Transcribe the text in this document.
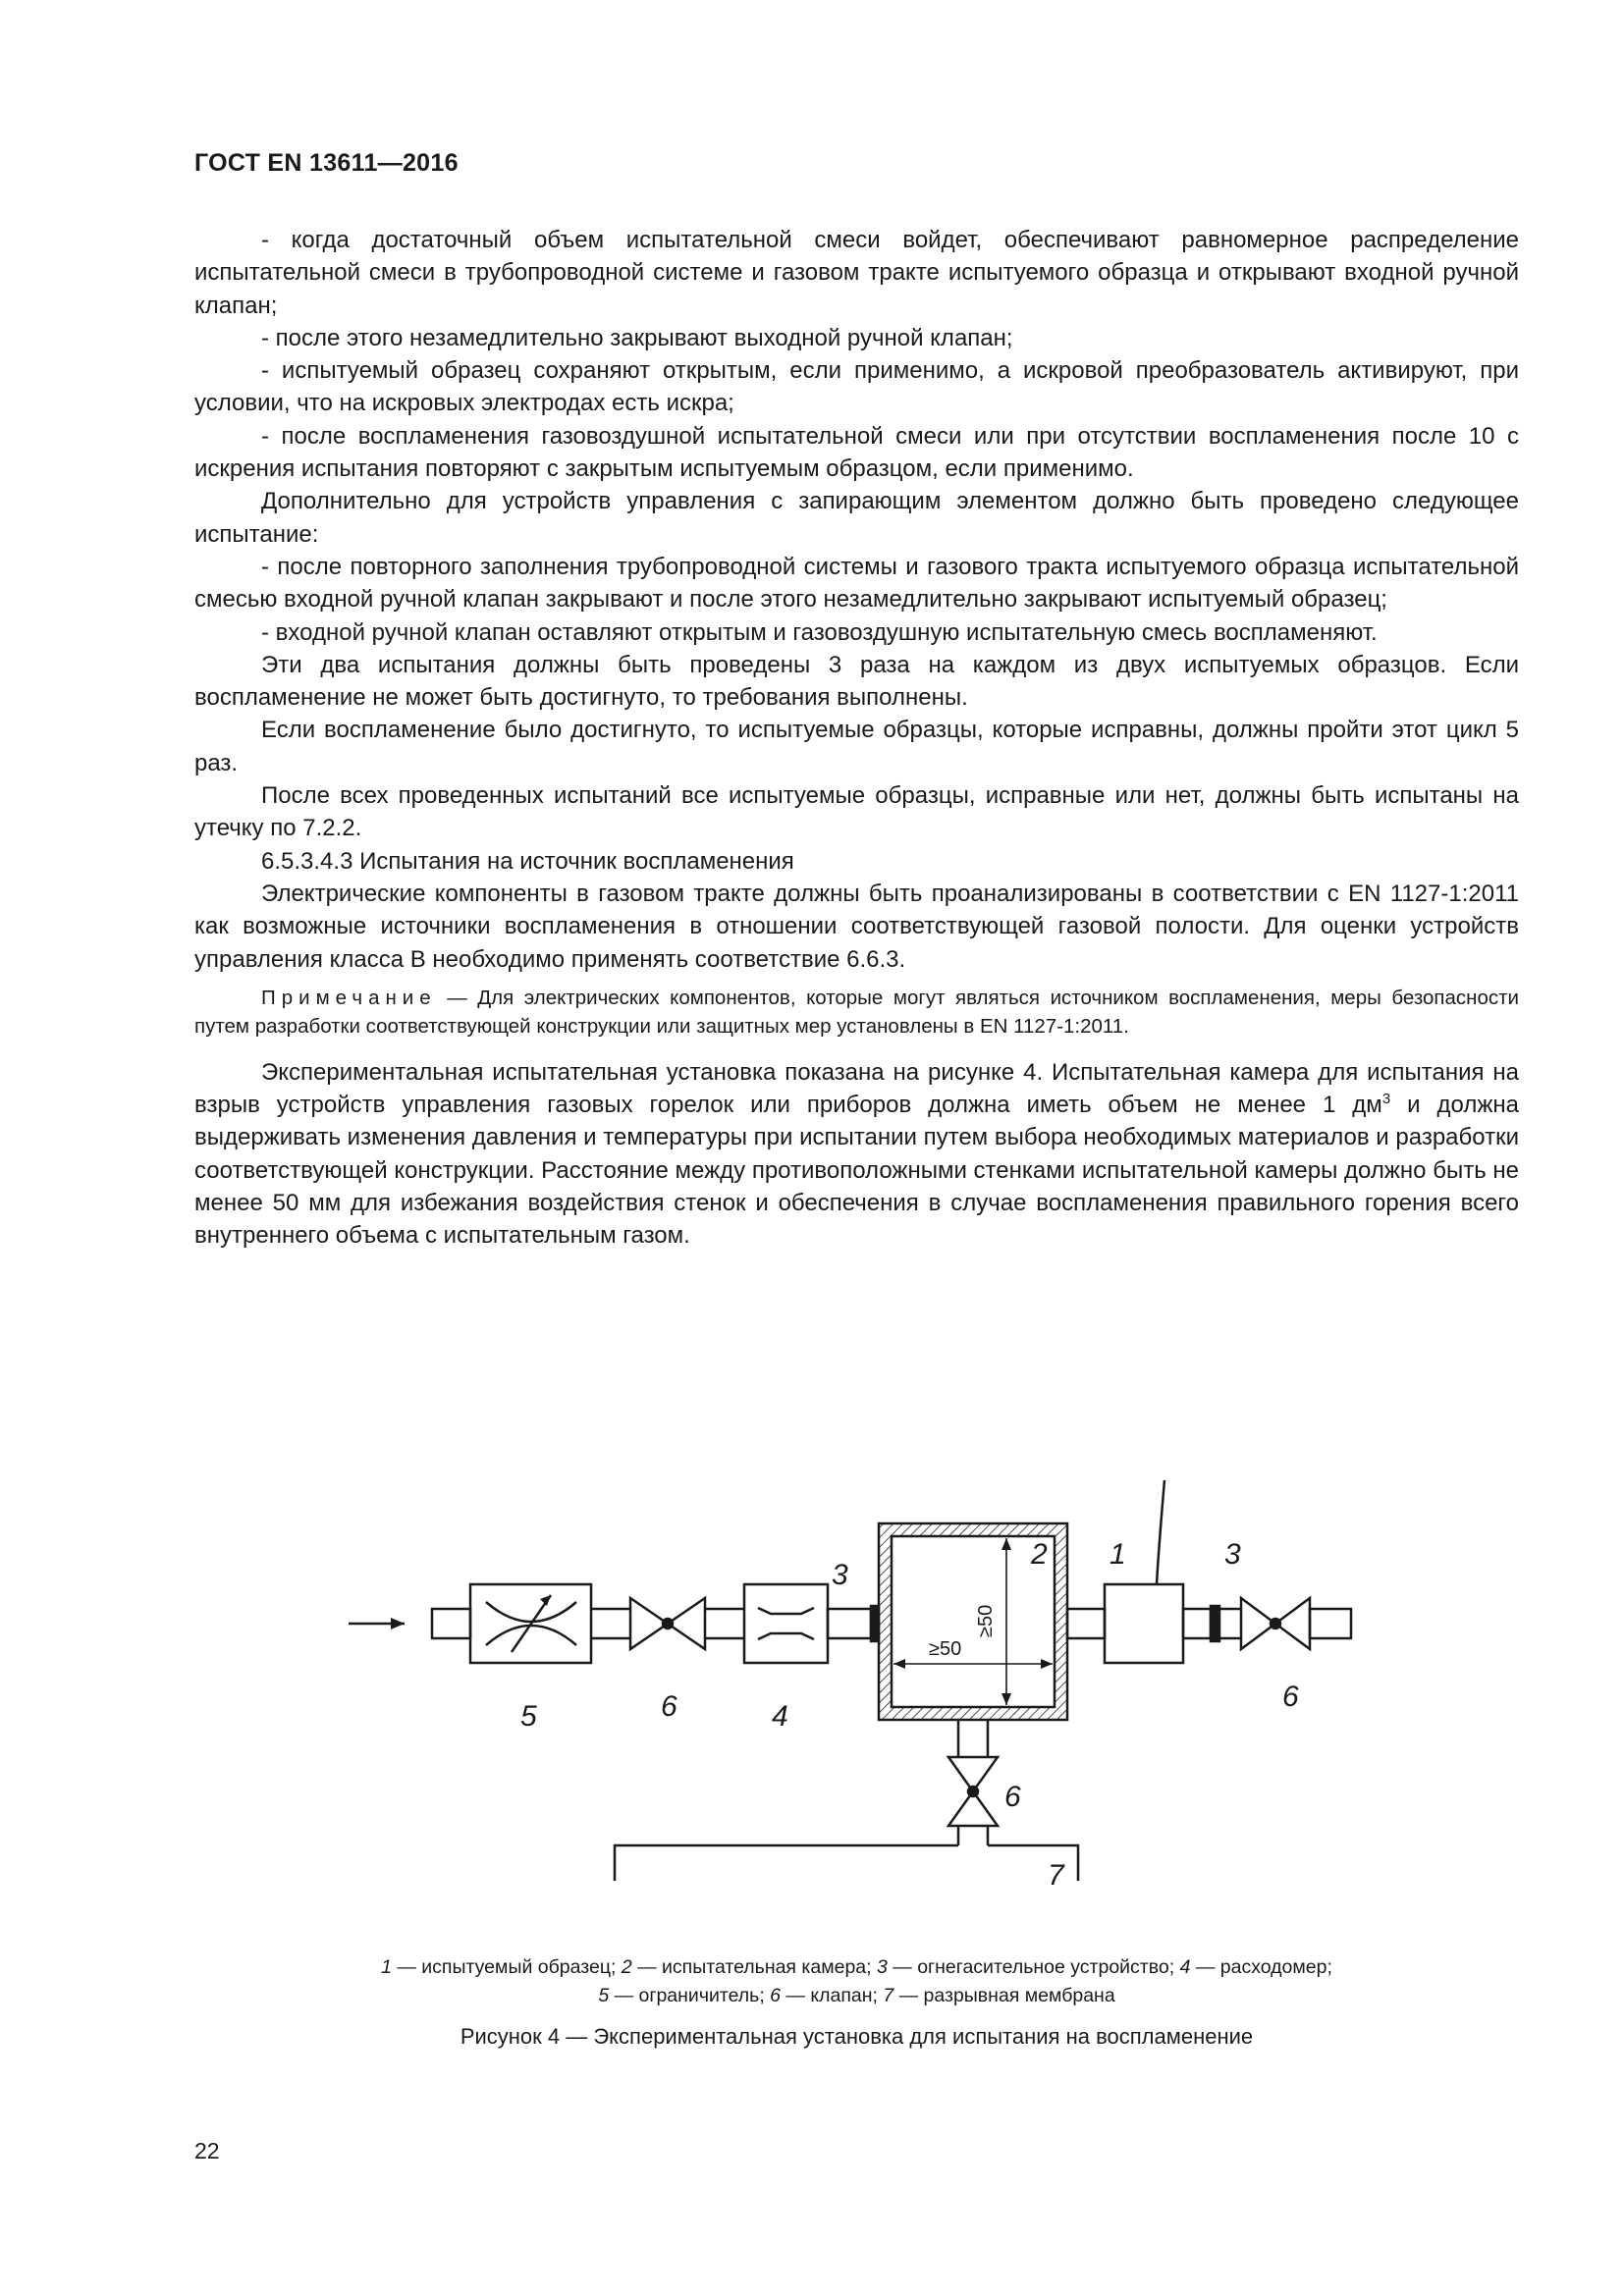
ГОСТ EN 13611—2016

- когда достаточный объем испытательной смеси войдет, обеспечивают равномерное распределение испытательной смеси в трубопроводной системе и газовом тракте испытуемого образца и открывают входной ручной клапан;

- после этого незамедлительно закрывают выходной ручной клапан;

- испытуемый образец сохраняют открытым, если применимо, а искровой преобразователь активируют, при условии, что на искровых электродах есть искра;

- после воспламенения газовоздушной испытательной смеси или при отсутствии воспламенения после 10 с искрения испытания повторяют с закрытым испытуемым образцом, если применимо.

Дополнительно для устройств управления с запирающим элементом должно быть проведено следующее испытание:

- после повторного заполнения трубопроводной системы и газового тракта испытуемого образца испытательной смесью входной ручной клапан закрывают и после этого незамедлительно закрывают испытуемый образец;

- входной ручной клапан оставляют открытым и газовоздушную испытательную смесь воспламеняют.

Эти два испытания должны быть проведены 3 раза на каждом из двух испытуемых образцов. Если воспламенение не может быть достигнуто, то требования выполнены.

Если воспламенение было достигнуто, то испытуемые образцы, которые исправны, должны пройти этот цикл 5 раз.

После всех проведенных испытаний все испытуемые образцы, исправные или нет, должны быть испытаны на утечку по 7.2.2.

6.5.3.4.3 Испытания на источник воспламенения

Электрические компоненты в газовом тракте должны быть проанализированы в соответствии с EN 1127-1:2011 как возможные источники воспламенения в отношении соответствующей газовой полости. Для оценки устройств управления класса B необходимо применять соответствие 6.6.3.

Примечание — Для электрических компонентов, которые могут являться источником воспламенения, меры безопасности путем разработки соответствующей конструкции или защитных мер установлены в EN 1127-1:2011.

Экспериментальная испытательная установка показана на рисунке 4. Испытательная камера для испытания на взрыв устройств управления газовых горелок или приборов должна иметь объем не менее 1 $дм^3$ и должна выдерживать изменения давления и температуры при испытании путем выбора необходимых материалов и разработки соответствующей конструкции. Расстояние между противоположными стенками испытательной камеры должно быть не менее 50 мм для избежания воздействия стенок и обеспечения в случае воспламенения правильного горения всего внутреннего объема с испытательным газом.

5	6	4
3
2 1	3
6
6
7
≥50
≥50
1 — испытуемый образец; 2 — испытательная камера; 3 — огнегасительное устройство; 4 — расходомер;
5 — ограничитель; 6 — клапан; 7 — разрывная мембрана
Рисунок 4 — Экспериментальная установка для испытания на воспламенение
22
